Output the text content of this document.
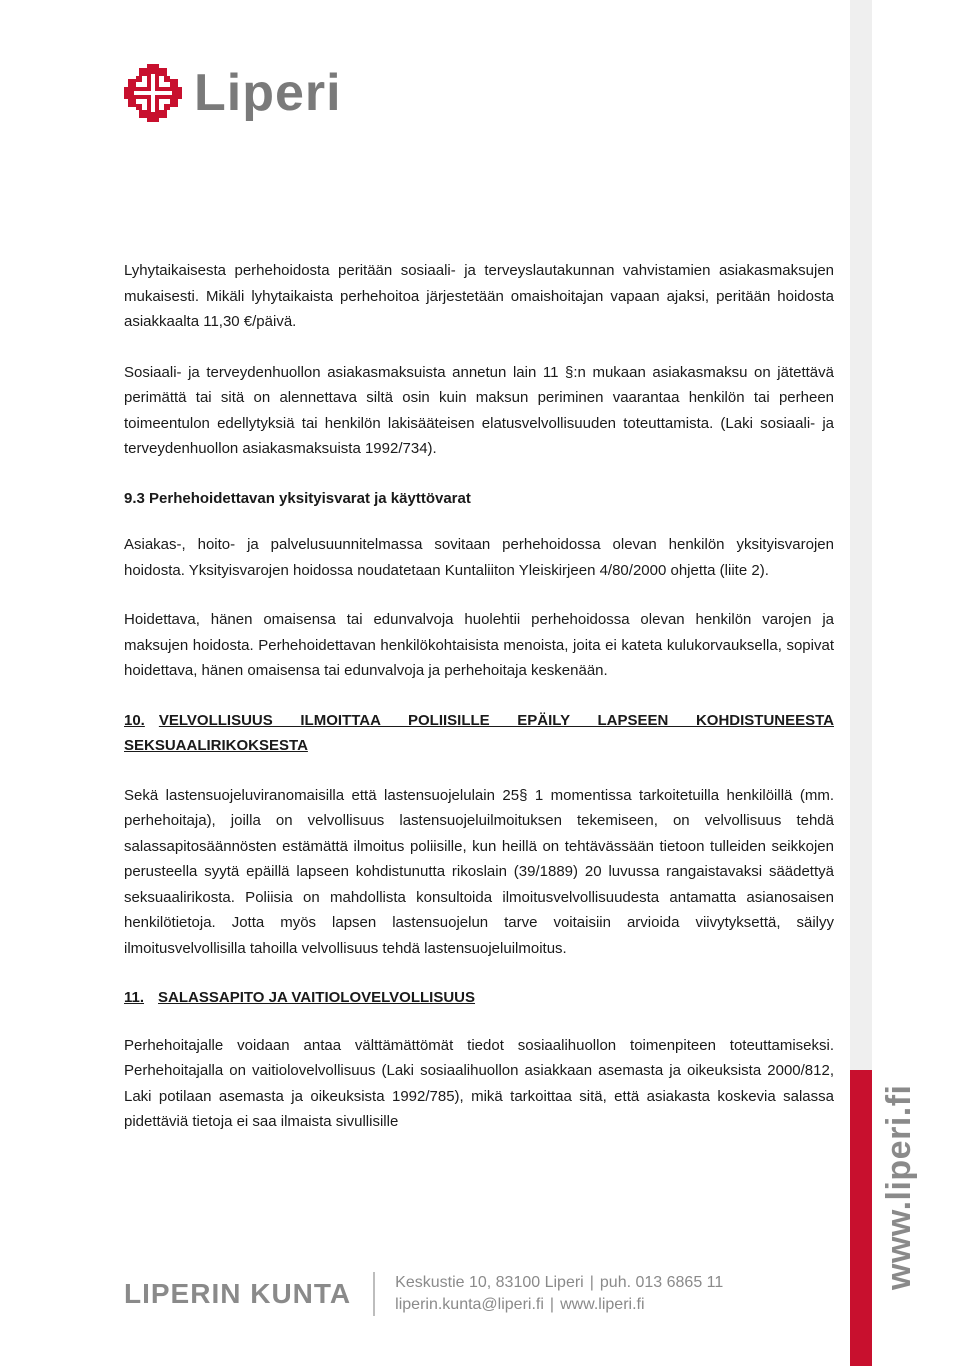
www.liperi.fi
Liperi

Lyhytaikaisesta perhehoidosta peritään sosiaali- ja terveyslautakunnan vahvistamien asiakasmaksujen mukaisesti. Mikäli lyhytaikaista perhehoitoa järjestetään omaishoitajan vapaan ajaksi, peritään hoidosta asiakkaalta 11,30 €/päivä.

Sosiaali- ja terveydenhuollon asiakasmaksuista annetun lain 11 §:n mukaan asiakasmaksu on jätettävä perimättä tai sitä on alennettava siltä osin kuin maksun periminen vaarantaa henkilön tai perheen toimeentulon edellytyksiä tai henkilön lakisääteisen elatusvelvollisuuden toteuttamista. (Laki sosiaali- ja terveydenhuollon asiakasmaksuista 1992/734).

9.3 Perhehoidettavan yksityisvarat ja käyttövarat

Asiakas-, hoito- ja palvelusuunnitelmassa sovitaan perhehoidossa olevan henkilön yksityisvarojen hoidosta. Yksityisvarojen hoidossa noudatetaan Kuntaliiton Yleiskirjeen 4/80/2000 ohjetta (liite 2).

Hoidettava, hänen omaisensa tai edunvalvoja huolehtii perhehoidossa olevan henkilön varojen ja maksujen hoidosta. Perhehoidettavan henkilökohtaisista menoista, joita ei kateta kulukorvauksella, sopivat hoidettava, hänen omaisensa tai edunvalvoja ja perhehoitaja keskenään.

10. VELVOLLISUUS ILMOITTAA POLIISILLE EPÄILY LAPSEEN KOHDISTUNEESTA SEKSUAALIRIKOKSESTA

Sekä lastensuojeluviranomaisilla että lastensuojelulain 25§ 1 momentissa tarkoitetuilla henkilöillä (mm. perhehoitaja), joilla on velvollisuus lastensuojeluilmoituksen tekemiseen, on velvollisuus tehdä salassapitosäännösten estämättä ilmoitus poliisille, kun heillä on tehtävässään tietoon tulleiden seikkojen perusteella syytä epäillä lapseen kohdistunutta rikoslain (39/1889) 20 luvussa rangaistavaksi säädettyä seksuaalirikosta. Poliisia on mahdollista konsultoida ilmoitusvelvollisuudesta antamatta asianosaisen henkilötietoja. Jotta myös lapsen lastensuojelun tarve voitaisiin arvioida viivytyksettä, säilyy ilmoitusvelvollisilla tahoilla velvollisuus tehdä lastensuojeluilmoitus.

11. SALASSAPITO JA VAITIOLOVELVOLLISUUS

Perhehoitajalle voidaan antaa välttämättömät tiedot sosiaalihuollon toimenpiteen toteuttamiseksi. Perhehoitajalla on vaitiolovelvollisuus (Laki sosiaalihuollon asiakkaan asemasta ja oikeuksista 2000/812, Laki potilaan asemasta ja oikeuksista 1992/785), mikä tarkoittaa sitä, että asiakasta koskevia salassa pidettäviä tietoja ei saa ilmaista sivullisille

LIPERIN KUNTA	Keskustie 10, 83100 Liperi | puh. 013 6865 11
liperin.kunta@liperi.fi | www.liperi.fi
